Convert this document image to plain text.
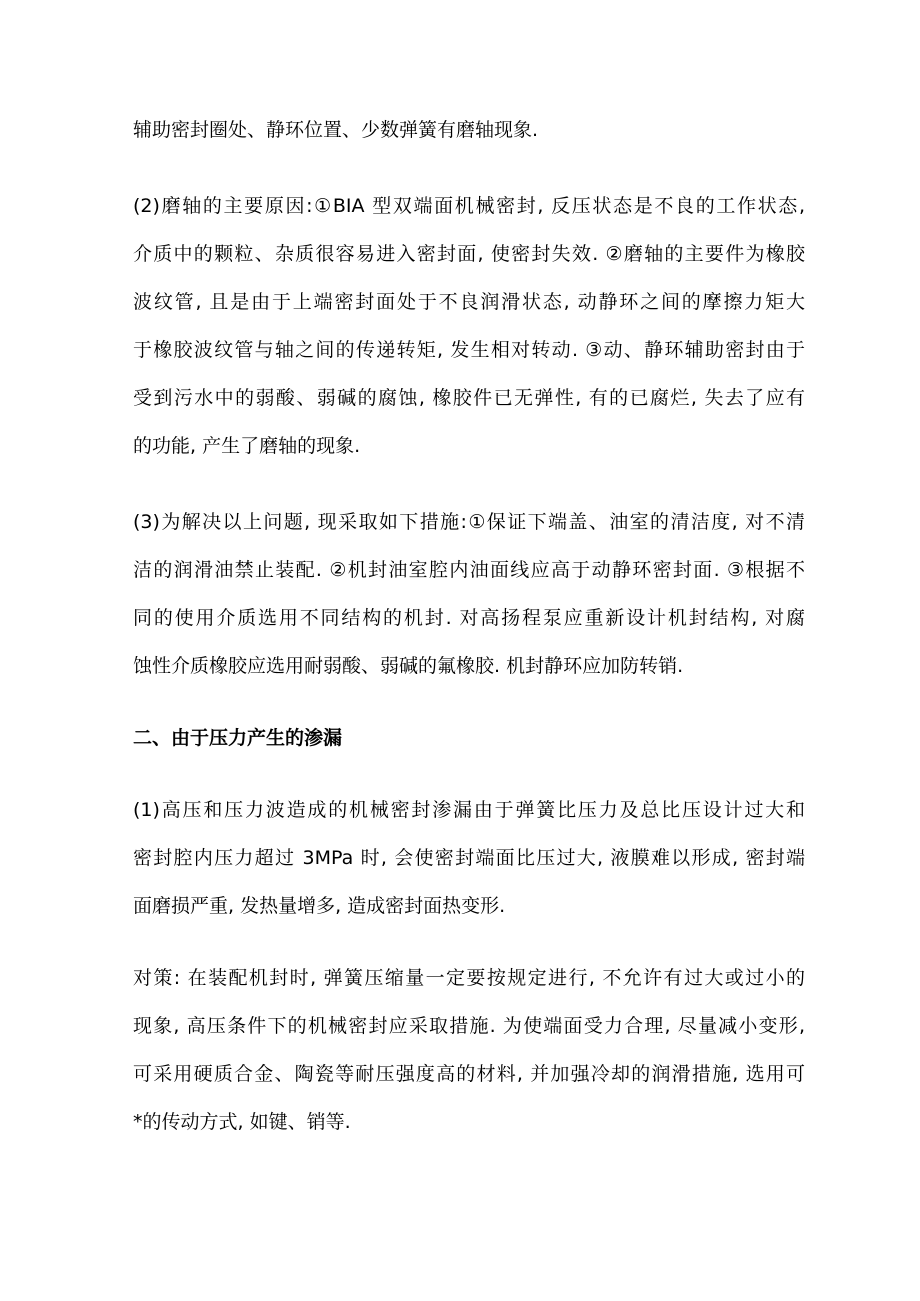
辅助密封圈处、静环位置、少数弹簧有磨轴现象.
(2)磨轴的主要原因:①BIA 型双端面机械密封, 反压状态是不良的工作状态,
介质中的颗粒、杂质很容易进入密封面, 使密封失效. ②磨轴的主要件为橡胶
波纹管, 且是由于上端密封面处于不良润滑状态, 动静环之间的摩擦力矩大
于橡胶波纹管与轴之间的传递转矩, 发生相对转动. ③动、静环辅助密封由于
受到污水中的弱酸、弱碱的腐蚀, 橡胶件已无弹性, 有的已腐烂, 失去了应有
的功能, 产生了磨轴的现象.
(3)为解决以上问题, 现采取如下措施:①保证下端盖、油室的清洁度, 对不清
洁的润滑油禁止装配. ②机封油室腔内油面线应高于动静环密封面. ③根据不
同的使用介质选用不同结构的机封. 对高扬程泵应重新设计机封结构, 对腐
蚀性介质橡胶应选用耐弱酸、弱碱的氟橡胶. 机封静环应加防转销.
二、由于压力产生的渗漏
(1)高压和压力波造成的机械密封渗漏由于弹簧比压力及总比压设计过大和
密封腔内压力超过 3MPa 时, 会使密封端面比压过大, 液膜难以形成, 密封端
面磨损严重, 发热量增多, 造成密封面热变形.
对策: 在装配机封时, 弹簧压缩量一定要按规定进行, 不允许有过大或过小的
现象, 高压条件下的机械密封应采取措施. 为使端面受力合理, 尽量减小变形,
可采用硬质合金、陶瓷等耐压强度高的材料, 并加强冷却的润滑措施, 选用可
*的传动方式, 如键、销等.
